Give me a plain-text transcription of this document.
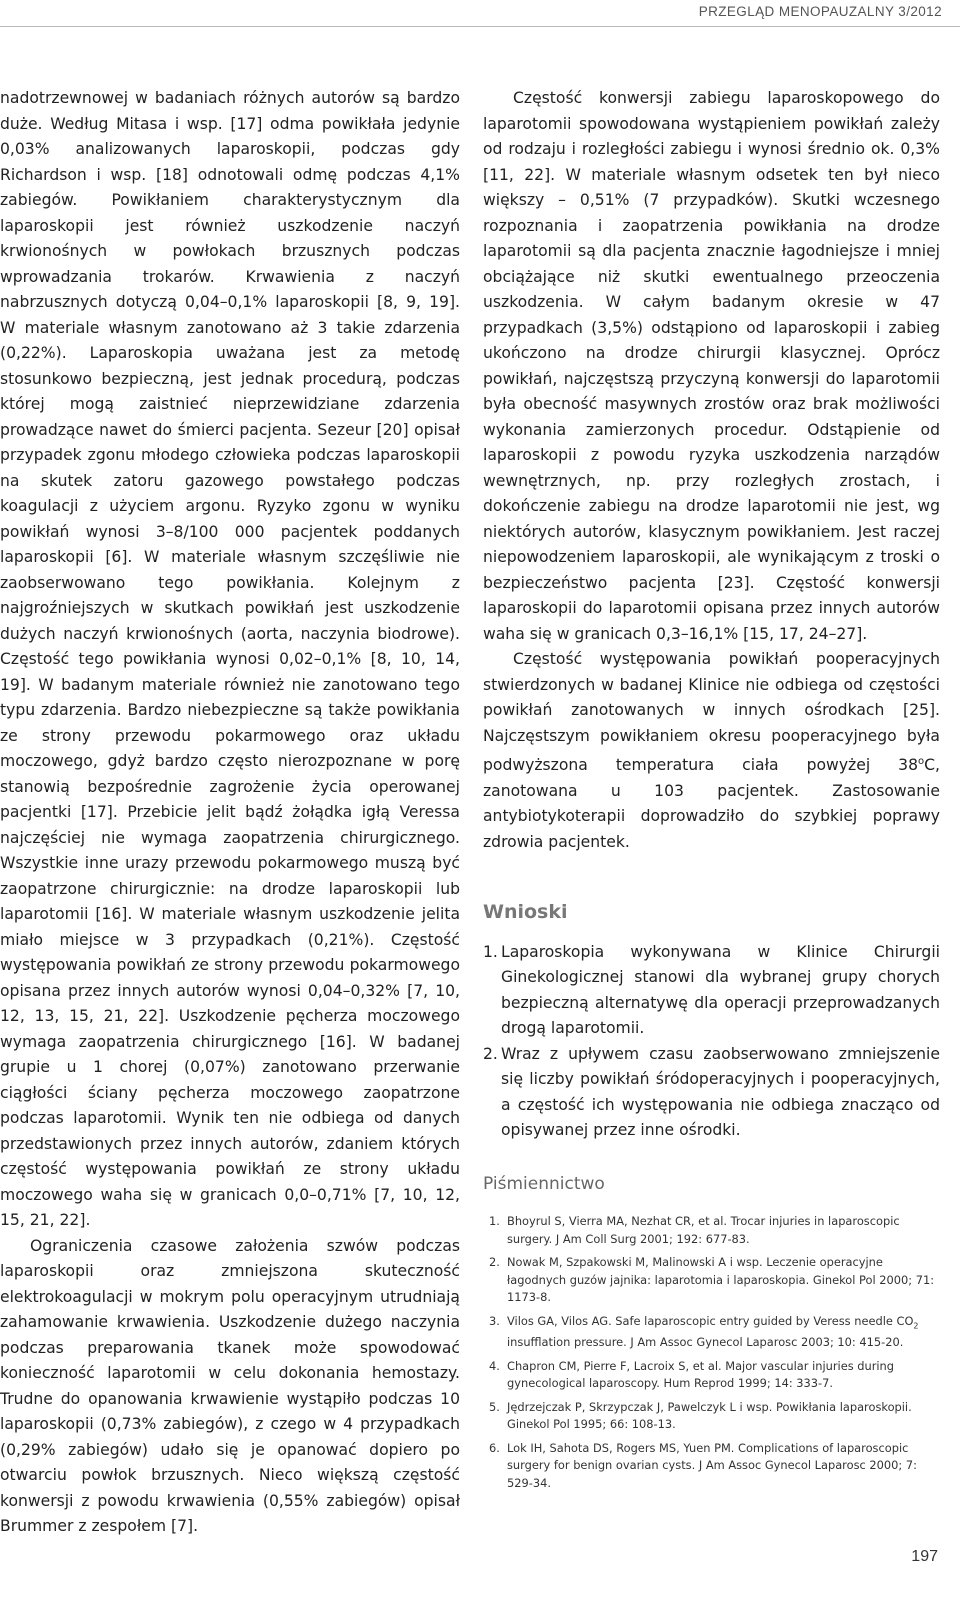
PRZEGLĄD MENOPAUZALNY 3/2012

nadotrzewnowej w badaniach różnych autorów są bardzo duże. Według Mitasa i wsp. [17] odma powikłała jedynie 0,03% analizowanych laparoskopii, podczas gdy Richardson i wsp. [18] odnotowali odmę podczas 4,1% zabiegów. Powikłaniem charakterystycznym dla laparoskopii jest również uszkodzenie naczyń krwionośnych w powłokach brzusznych podczas wprowadzania trokarów. Krwawienia z naczyń nabrzusznych dotyczą 0,04–0,1% laparoskopii [8, 9, 19]. W materiale własnym zanotowano aż 3 takie zdarzenia (0,22%). Laparoskopia uważana jest za metodę stosunkowo bezpieczną, jest jednak procedurą, podczas której mogą zaistnieć nieprzewidziane zdarzenia prowadzące nawet do śmierci pacjenta. Sezeur [20] opisał przypadek zgonu młodego człowieka podczas laparoskopii na skutek zatoru gazowego powstałego podczas koagulacji z użyciem argonu. Ryzyko zgonu w wyniku powikłań wynosi 3–8/100 000 pacjentek poddanych laparoskopii [6]. W materiale własnym szczęśliwie nie zaobserwowano tego powikłania. Kolejnym z najgroźniejszych w skutkach powikłań jest uszkodzenie dużych naczyń krwionośnych (aorta, naczynia biodrowe). Częstość tego powikłania wynosi 0,02–0,1% [8, 10, 14, 19]. W badanym materiale również nie zanotowano tego typu zdarzenia. Bardzo niebezpieczne są także powikłania ze strony przewodu pokarmowego oraz układu moczowego, gdyż bardzo często nierozpoznane w porę stanowią bezpośrednie zagrożenie życia operowanej pacjentki [17]. Przebicie jelit bądź żołądka igłą Veressa najczęściej nie wymaga zaopatrzenia chirurgicznego. Wszystkie inne urazy przewodu pokarmowego muszą być zaopatrzone chirurgicznie: na drodze laparoskopii lub laparotomii [16]. W materiale własnym uszkodzenie jelita miało miejsce w 3 przypadkach (0,21%). Częstość występowania powikłań ze strony przewodu pokarmowego opisana przez innych autorów wynosi 0,04–0,32% [7, 10, 12, 13, 15, 21, 22]. Uszkodzenie pęcherza moczowego wymaga zaopatrzenia chirurgicznego [16]. W badanej grupie u 1 chorej (0,07%) zanotowano przerwanie ciągłości ściany pęcherza moczowego zaopatrzone podczas laparotomii. Wynik ten nie odbiega od danych przedstawionych przez innych autorów, zdaniem których częstość występowania powikłań ze strony układu moczowego waha się w granicach 0,0–0,71% [7, 10, 12, 15, 21, 22].

Ograniczenia czasowe założenia szwów podczas laparoskopii oraz zmniejszona skuteczność elektrokoagulacji w mokrym polu operacyjnym utrudniają zahamowanie krwawienia. Uszkodzenie dużego naczynia podczas preparowania tkanek może spowodować konieczność laparotomii w celu dokonania hemostazy. Trudne do opanowania krwawienie wystąpiło podczas 10 laparoskopii (0,73% zabiegów), z czego w 4 przypadkach (0,29% zabiegów) udało się je opanować dopiero po otwarciu powłok brzusznych. Nieco większą częstość konwersji z powodu krwawienia (0,55% zabiegów) opisał Brummer z zespołem [7].

Częstość konwersji zabiegu laparoskopowego do laparotomii spowodowana wystąpieniem powikłań zależy od rodzaju i rozległości zabiegu i wynosi średnio ok. 0,3% [11, 22]. W materiale własnym odsetek ten był nieco większy – 0,51% (7 przypadków). Skutki wczesnego rozpoznania i zaopatrzenia powikłania na drodze laparotomii są dla pacjenta znacznie łagodniejsze i mniej obciążające niż skutki ewentualnego przeoczenia uszkodzenia. W całym badanym okresie w 47 przypadkach (3,5%) odstąpiono od laparoskopii i zabieg ukończono na drodze chirurgii klasycznej. Oprócz powikłań, najczęstszą przyczyną konwersji do laparotomii była obecność masywnych zrostów oraz brak możliwości wykonania zamierzonych procedur. Odstąpienie od laparoskopii z powodu ryzyka uszkodzenia narządów wewnętrznych, np. przy rozległych zrostach, i dokończenie zabiegu na drodze laparotomii nie jest, wg niektórych autorów, klasycznym powikłaniem. Jest raczej niepowodzeniem laparoskopii, ale wynikającym z troski o bezpieczeństwo pacjenta [23]. Częstość konwersji laparoskopii do laparotomii opisana przez innych autorów waha się w granicach 0,3–16,1% [15, 17, 24–27].

Częstość występowania powikłań pooperacyjnych stwierdzonych w badanej Klinice nie odbiega od częstości powikłań zanotowanych w innych ośrodkach [25]. Najczęstszym powikłaniem okresu pooperacyjnego była podwyższona temperatura ciała powyżej 38$^o$C, zanotowana u 103 pacjentek. Zastosowanie antybiotykoterapii doprowadziło do szybkiej poprawy zdrowia pacjentek.

Wnioski
1. Laparoskopia wykonywana w Klinice Chirurgii Ginekologicznej stanowi dla wybranej grupy chorych bezpieczną alternatywę dla operacji przeprowadzanych drogą laparotomii.
2. Wraz z upływem czasu zaobserwowano zmniejszenie się liczby powikłań śródoperacyjnych i pooperacyjnych, a częstość ich występowania nie odbiega znacząco od opisywanej przez inne ośrodki.
Piśmiennictwo
1. Bhoyrul S, Vierra MA, Nezhat CR, et al. Trocar injuries in laparoscopic surgery. J Am Coll Surg 2001; 192: 677-83.
2. Nowak M, Szpakowski M, Malinowski A i wsp. Leczenie operacyjne łagodnych guzów jajnika: laparotomia i laparoskopia. Ginekol Pol 2000; 71: 1173-8.
3. Vilos GA, Vilos AG. Safe laparoscopic entry guided by Veress needle $CO_2$ insufflation pressure. J Am Assoc Gynecol Laparosc 2003; 10: 415-20.
4. Chapron CM, Pierre F, Lacroix S, et al. Major vascular injuries during gynecological laparoscopy. Hum Reprod 1999; 14: 333-7.
5. Jędrzejczak P, Skrzypczak J, Pawelczyk L i wsp. Powikłania laparoskopii. Ginekol Pol 1995; 66: 108-13.
6. Lok IH, Sahota DS, Rogers MS, Yuen PM. Complications of laparoscopic surgery for benign ovarian cysts. J Am Assoc Gynecol Laparosc 2000; 7: 529-34.
197
